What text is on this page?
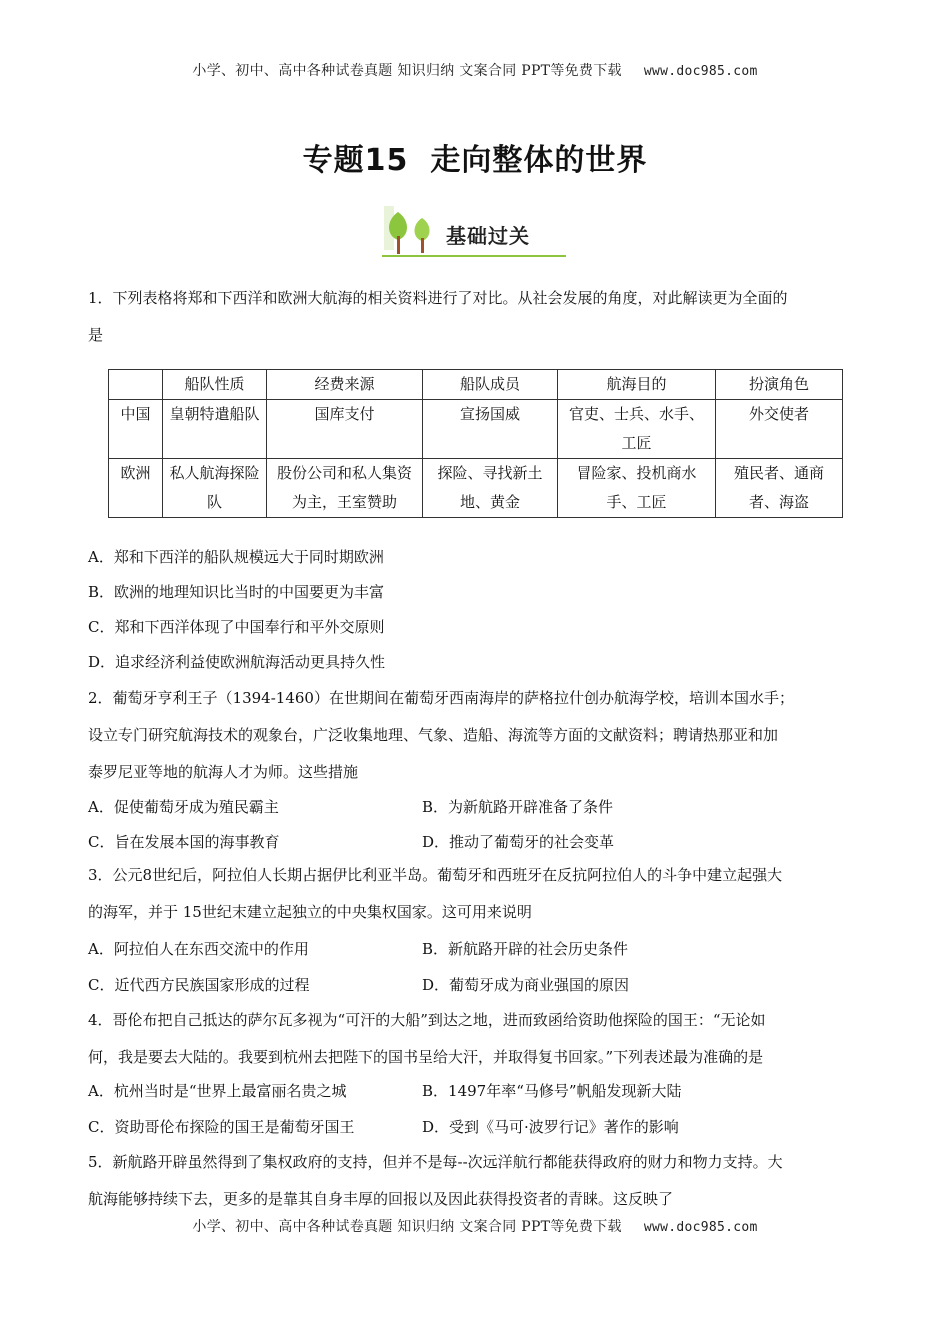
小学、初中、高中各种试卷真题 知识归纳 文案合同 PPT等免费下载 www.doc985.com
专题15 走向整体的世界
基础过关
1．下列表格将郑和下西洋和欧洲大航海的相关资料进行了对比。从社会发展的角度，对此解读更为全面的
是
	船队性质	经费来源	船队成员	航海目的	扮演角色
中国	皇朝特遣船队	国库支付	宣扬国威	官吏、士兵、水手、工匠	外交使者
欧洲	私人航海探险队	股份公司和私人集资为主，王室赞助	探险、寻找新土地、黄金	冒险家、投机商水手、工匠	殖民者、通商者、海盗
A．郑和下西洋的船队规模远大于同时期欧洲
B．欧洲的地理知识比当时的中国要更为丰富
C．郑和下西洋体现了中国奉行和平外交原则
D．追求经济利益使欧洲航海活动更具持久性
2．葡萄牙亨利王子（1394-1460）在世期间在葡萄牙西南海岸的萨格拉什创办航海学校，培训本国水手；
设立专门研究航海技术的观象台，广泛收集地理、气象、造船、海流等方面的文献资料；聘请热那亚和加
泰罗尼亚等地的航海人才为师。这些措施
A．促使葡萄牙成为殖民霸主	B．为新航路开辟准备了条件
C．旨在发展本国的海事教育	D．推动了葡萄牙的社会变革
3．公元8世纪后，阿拉伯人长期占据伊比利亚半岛。葡萄牙和西班牙在反抗阿拉伯人的斗争中建立起强大
的海军，并于 15世纪末建立起独立的中央集权国家。这可用来说明
A．阿拉伯人在东西交流中的作用	B．新航路开辟的社会历史条件
C．近代西方民族国家形成的过程	D．葡萄牙成为商业强国的原因
4．哥伦布把自己抵达的萨尔瓦多视为“可汗的大船”到达之地，进而致函给资助他探险的国王：“无论如
何，我是要去大陆的。我要到杭州去把陛下的国书呈给大汗，并取得复书回家。”下列表述最为准确的是
A．杭州当时是“世界上最富丽名贵之城	B．1497年率“马修号”帆船发现新大陆
C．资助哥伦布探险的国王是葡萄牙国王	D．受到《马可·波罗行记》著作的影响
5．新航路开辟虽然得到了集权政府的支持，但并不是每--次远洋航行都能获得政府的财力和物力支持。大
航海能够持续下去，更多的是靠其自身丰厚的回报以及因此获得投资者的青睐。这反映了
小学、初中、高中各种试卷真题 知识归纳 文案合同 PPT等免费下载 www.doc985.com
